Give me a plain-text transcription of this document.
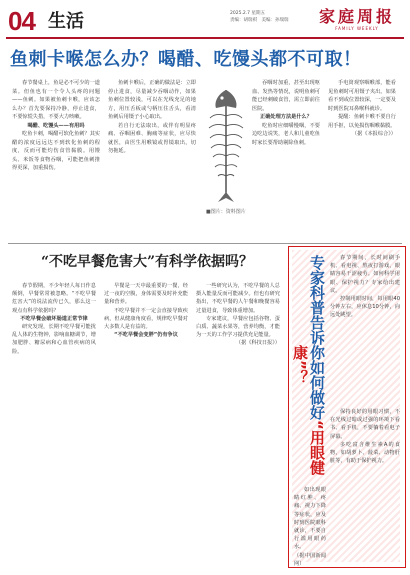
04 生活	2025.2.7 星期五
责编：胡瑞祺　美编：孙瑞瑞	家庭周报
FAMILY WEEKLY
鱼刺卡喉怎么办？喝醋、吃馒头都不可取！

春节餐桌上，鱼是必不可少的一道菜。但鱼也有一个令人头疼的问题——鱼刺。如果被鱼刺卡喉，应该怎么办？首先要保持冷静，停止进食，不要惊慌失措，不要大力咳嗽。

喝醋、吃馒头——有用吗

吃鱼卡刺，喝醋可软化鱼刺？其实醋的浓度远远达不到软化鱼刺的程度，反而可能灼伤食管黏膜。用馒头、米饭等食物吞咽，可能把鱼刺推得更深，加重损伤。

鱼刺卡喉后，正确的做法是：立即停止进食，尽量减少吞咽动作，如果鱼刺位置较浅，可以在光线充足的地方，用压舌板或勺柄压住舌头，看清鱼刺后用镊子小心取出。

若自行无法取出，或伴有明显疼痛、吞咽困难、胸痛等症状，应尽快就医，由医生用喉镜或胃镜取出，切勿拖延。

吞咽时加重，甚至出现呕血、发热等情况，说明鱼刺可能已经刺破食管，需立即前往医院。

正确处理方法是什么？

吃鱼时应细嚼慢咽，不要边吃边说笑，老人和儿童吃鱼时家长要帮助剔除鱼刺。

手电筒观察咽喉部，能看见鱼刺时可用镊子夹出。如果看不到或位置较深，一定要及时到医院耳鼻喉科就诊。

提醒：鱼刺卡喉不要自行用手抠，以免损伤咽喉黏膜。

（据《本报综合》）

■图片：资料图片
“不吃早餐危害大”有科学依据吗？

春节假期，不少年轻人每日作息颠倒，早餐常常被忽略。“不吃早餐危害大”的说法流传已久，那么这一观点有科学依据吗？

不吃早餐会破坏肠道正常节律

研究发现，长期不吃早餐可能扰乱人体的生物钟，影响血糖调节，增加肥胖、糖尿病和心血管疾病的风险。

早餐是一天中最重要的一餐，经过一夜的空腹，身体需要及时补充能量和营养。

不吃早餐并不一定会直接导致疾病，但从健康角度看，规律吃早餐对大多数人是有益的。

“不吃早餐会变胖”仍有争议

一些研究认为，不吃早餐的人总摄入能量反而可能减少。但也有研究指出，不吃早餐的人午餐和晚餐容易过量进食，导致体重增加。

专家建议，早餐应包括谷物、蛋白质、蔬菜水果等，营养均衡，才能为一天的工作学习提供充足能量。

（据《科技日报》）	专家科普告诉你如何做好“用眼健康”？

春节期间，长时间刷手机、看电视、熬夜打游戏，眼睛容易干涩疲劳。如何科学用眼、保护视力？专家给出建议。

控制用眼时间，每用眼40分钟左右，应休息10分钟，向远处眺望。

保持良好的用眼习惯，不在光线过暗或过强的环境下看书、看手机，不要躺着看电子屏幕。

多吃富含维生素A的食物，如胡萝卜、菠菜、动物肝脏等，有助于保护视力。

如出现眼睛红肿、疼痛、视力下降等症状，应及时到医院眼科就诊，不要自行滥用眼药水。

（据中国新闻网）
